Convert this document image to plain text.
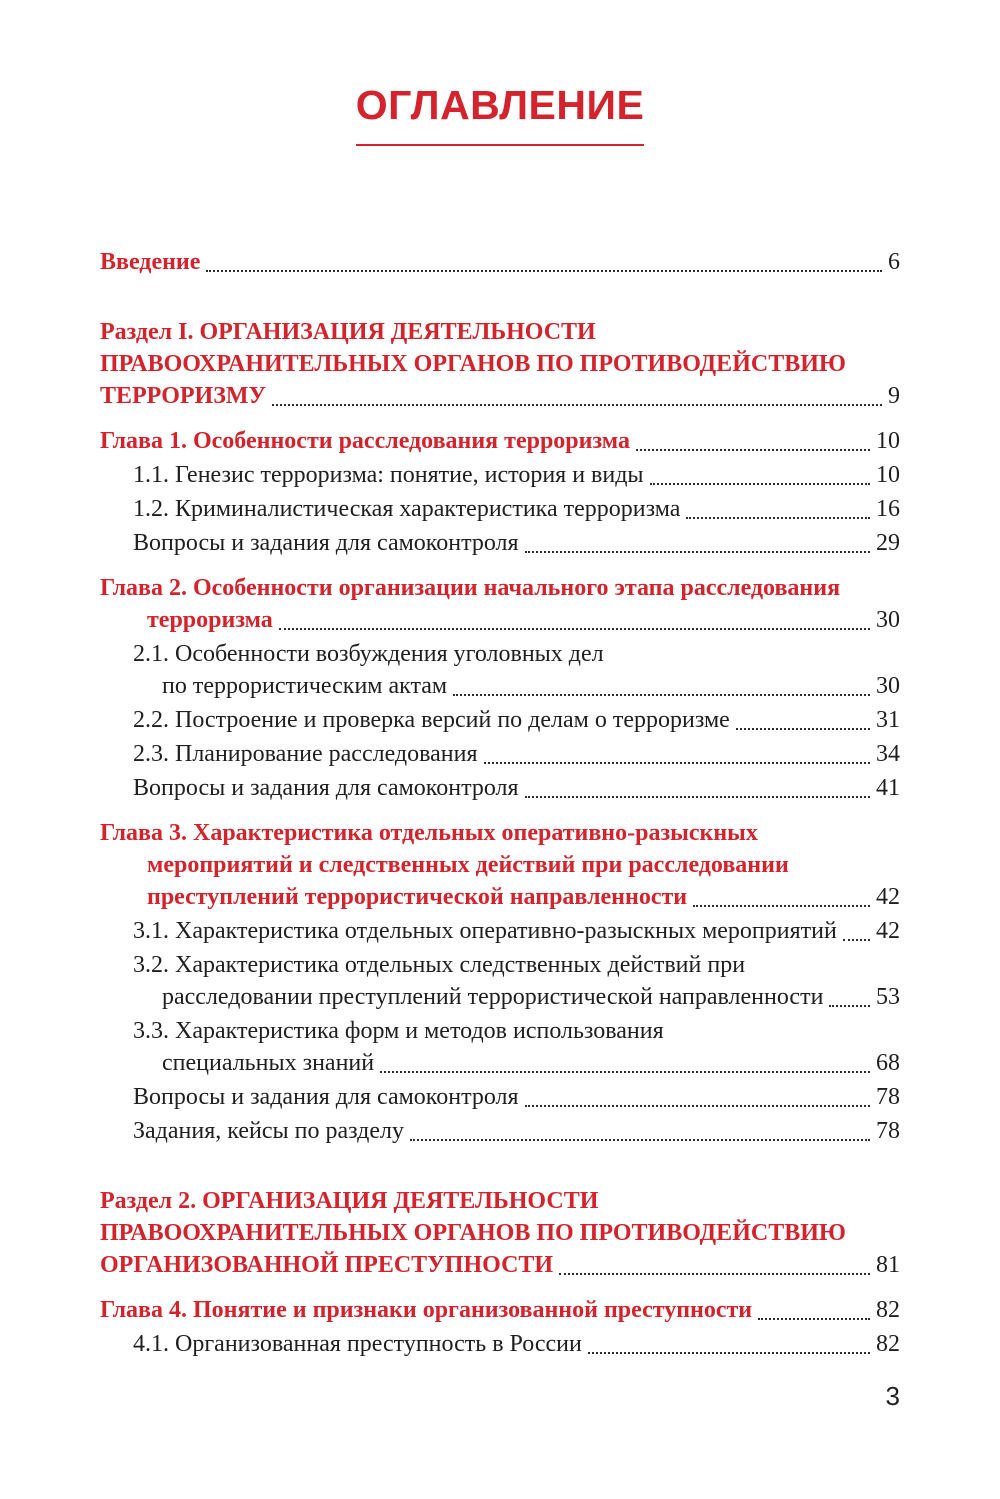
ОГЛАВЛЕНИЕ
Введение	6
Раздел I. ОРГАНИЗАЦИЯ ДЕЯТЕЛЬНОСТИ
ПРАВООХРАНИТЕЛЬНЫХ ОРГАНОВ ПО ПРОТИВОДЕЙСТВИЮ
ТЕРРОРИЗМУ	9
Глава 1. Особенности расследования терроризма	10
1.1. Генезис терроризма: понятие, история и виды	10
1.2. Криминалистическая характеристика терроризма	16
Вопросы и задания для самоконтроля	29
Глава 2. Особенности организации начального этапа расследования
терроризма	30
2.1. Особенности возбуждения уголовных дел
по террористическим актам	30
2.2. Построение и проверка версий по делам о терроризме	31
2.3. Планирование расследования	34
Вопросы и задания для самоконтроля	41
Глава 3. Характеристика отдельных оперативно-разыскных
мероприятий и следственных действий при расследовании
преступлений террористической направленности	42
3.1. Характеристика отдельных оперативно-разыскных мероприятий 42
3.2. Характеристика отдельных следственных действий при
расследовании преступлений террористической направленности 53
3.3. Характеристика форм и методов использования
специальных знаний	68
Вопросы и задания для самоконтроля	78
Задания, кейсы по разделу	78
Раздел 2. ОРГАНИЗАЦИЯ ДЕЯТЕЛЬНОСТИ
ПРАВООХРАНИТЕЛЬНЫХ ОРГАНОВ ПО ПРОТИВОДЕЙСТВИЮ
ОРГАНИЗОВАННОЙ ПРЕСТУПНОСТИ	81
Глава 4. Понятие и признаки организованной преступности	82
4.1. Организованная преступность в России	82
3
